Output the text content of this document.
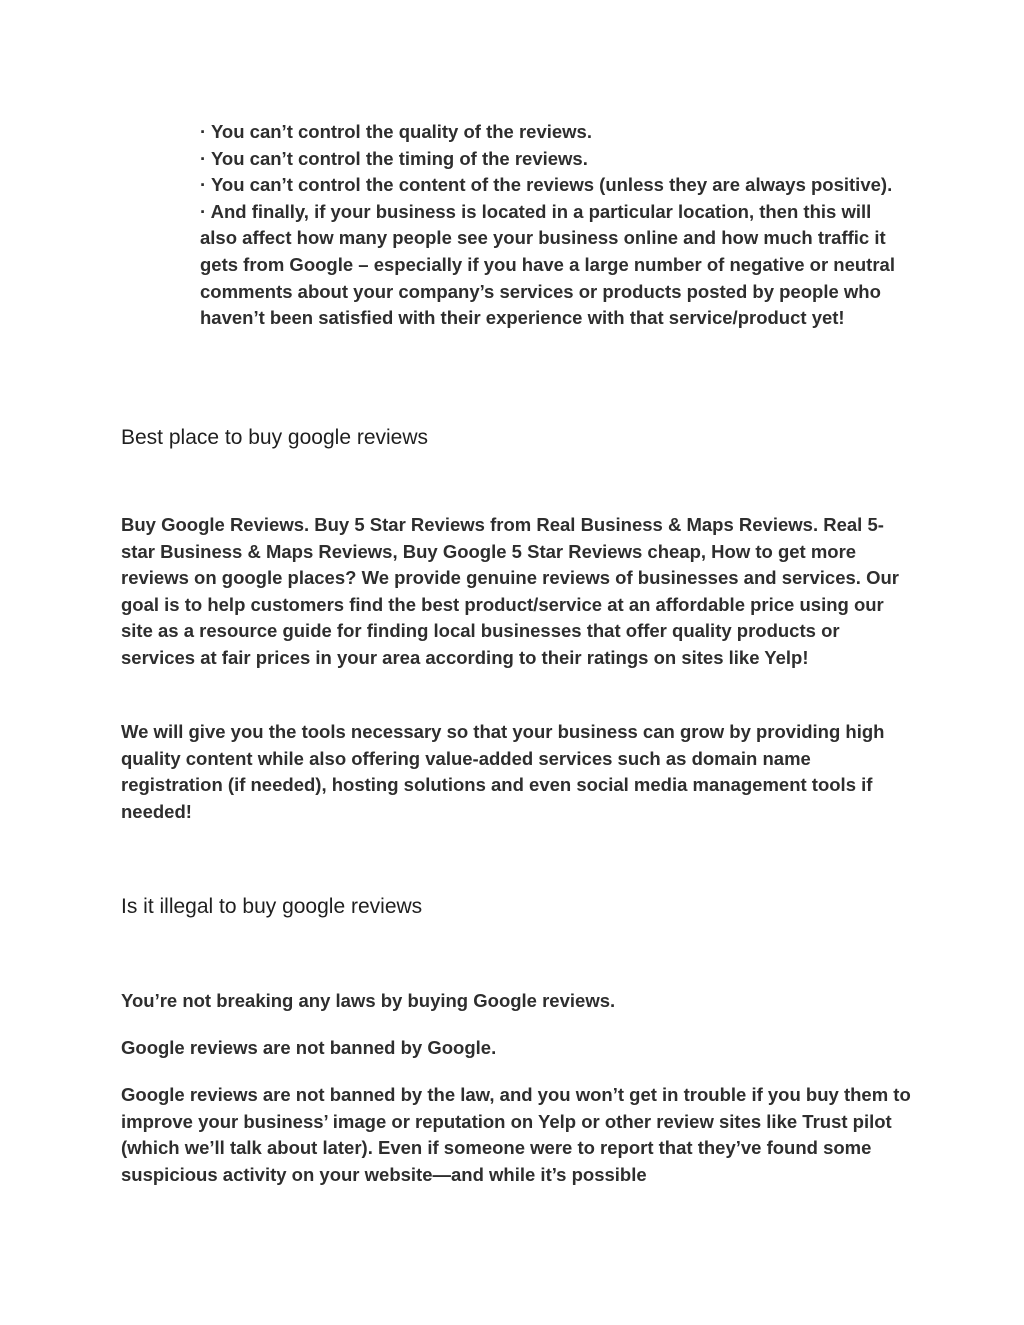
· You can’t control the quality of the reviews.
· You can’t control the timing of the reviews.
· You can’t control the content of the reviews (unless they are always positive).
· And finally, if your business is located in a particular location, then this will also affect how many people see your business online and how much traffic it gets from Google – especially if you have a large number of negative or neutral comments about your company’s services or products posted by people who haven’t been satisfied with their experience with that service/product yet!
Best place to buy google reviews

Buy Google Reviews. Buy 5 Star Reviews from Real Business & Maps Reviews. Real 5-star Business & Maps Reviews, Buy Google 5 Star Reviews cheap, How to get more reviews on google places? We provide genuine reviews of businesses and services. Our goal is to help customers find the best product/service at an affordable price using our site as a resource guide for finding local businesses that offer quality products or services at fair prices in your area according to their ratings on sites like Yelp!

We will give you the tools necessary so that your business can grow by providing high quality content while also offering value-added services such as domain name registration (if needed), hosting solutions and even social media management tools if needed!

Is it illegal to buy google reviews

You’re not breaking any laws by buying Google reviews.

Google reviews are not banned by Google.

Google reviews are not banned by the law, and you won’t get in trouble if you buy them to improve your business’ image or reputation on Yelp or other review sites like Trust pilot (which we’ll talk about later). Even if someone were to report that they’ve found some suspicious activity on your website—and while it’s possible
